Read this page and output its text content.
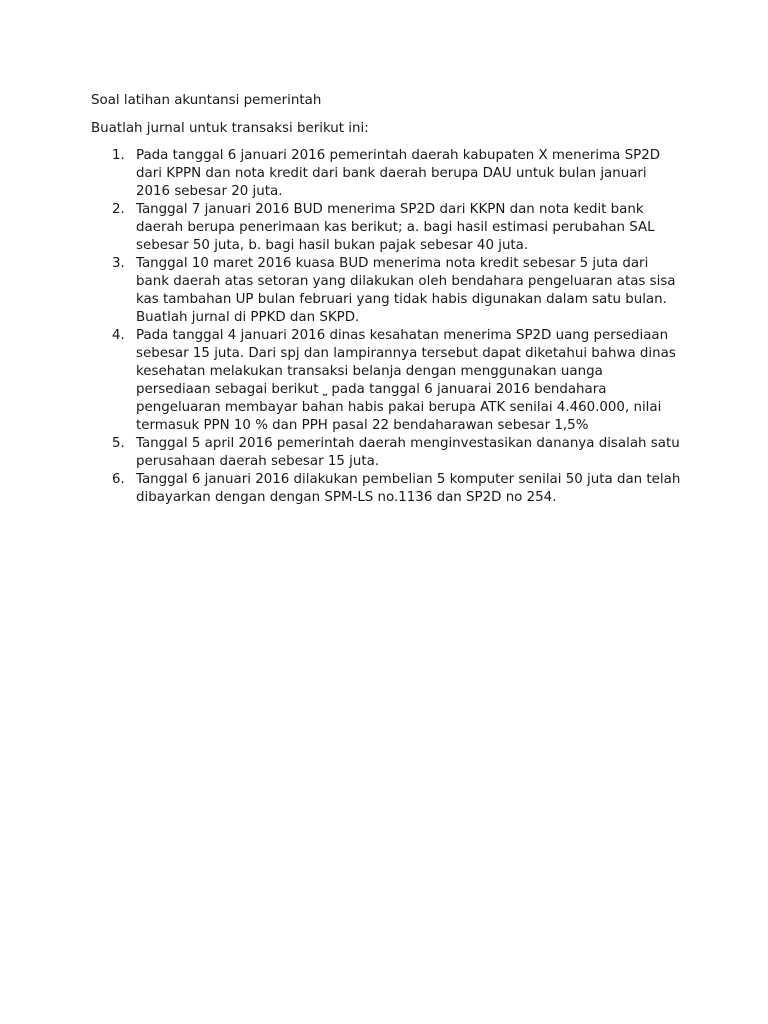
Soal latihan akuntansi pemerintah
Buatlah jurnal untuk transaksi berikut ini:
1. Pada tanggal 6 januari 2016 pemerintah daerah kabupaten X menerima SP2D dari KPPN dan nota kredit dari bank daerah berupa DAU untuk bulan januari 2016 sebesar 20 juta.
2. Tanggal 7 januari 2016 BUD menerima SP2D dari KKPN dan nota kedit bank daerah berupa penerimaan kas berikut; a. bagi hasil estimasi perubahan SAL sebesar 50 juta, b. bagi hasil bukan pajak sebesar 40 juta.
3. Tanggal 10 maret 2016 kuasa BUD menerima nota kredit sebesar 5 juta dari bank daerah atas setoran yang dilakukan oleh bendahara pengeluaran atas sisa kas tambahan UP bulan februari yang tidak habis digunakan dalam satu bulan. Buatlah jurnal di PPKD dan SKPD.
4. Pada tanggal 4 januari 2016 dinas kesahatan menerima SP2D uang persediaan sebesar 15 juta. Dari spj dan lampirannya tersebut dapat diketahui bahwa dinas kesehatan melakukan transaksi belanja dengan menggunakan uanga persediaan sebagai berikut ⎵ pada tanggal 6 januarai 2016 bendahara pengeluaran membayar bahan habis pakai berupa ATK senilai 4.460.000, nilai termasuk PPN 10 % dan PPH pasal 22 bendaharawan sebesar 1,5%
5. Tanggal 5 april 2016 pemerintah daerah menginvestasikan dananya disalah satu perusahaan daerah sebesar 15 juta.
6. Tanggal 6 januari 2016 dilakukan pembelian 5 komputer senilai 50 juta dan telah dibayarkan dengan dengan SPM-LS no.1136 dan SP2D no 254.
